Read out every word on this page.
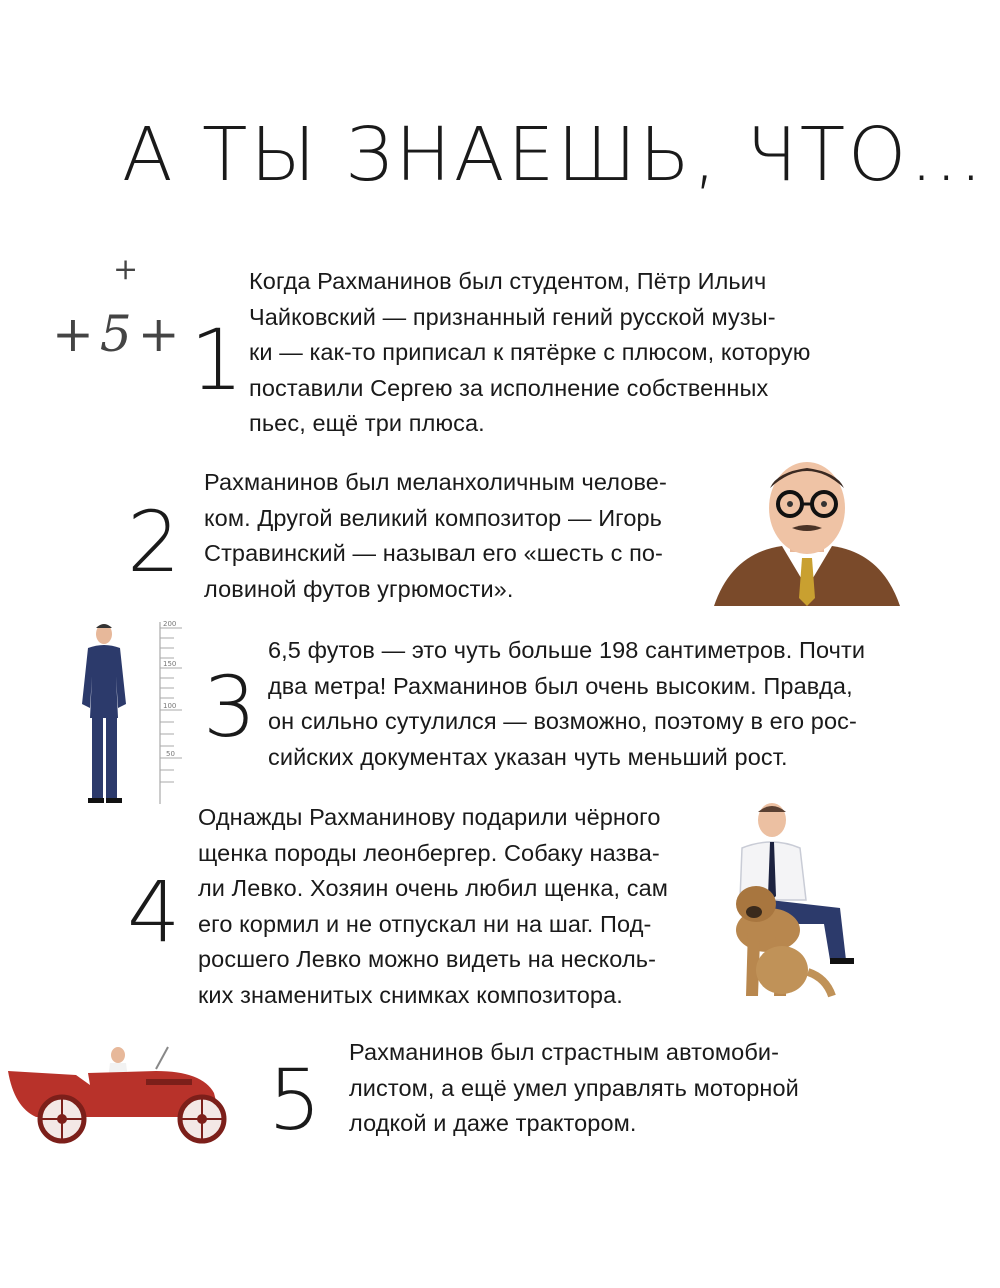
А ТЫ ЗНАЕШЬ, ЧТО…
+
+5+ 1
Когда Рахманинов был студентом, Пётр Ильич
Чайковский — признанный гений русской музы-
ки — как-то приписал к пятёрке с плюсом, которую
поставили Сергею за исполнение собственных
пьес, ещё три плюса.
2
Рахманинов был меланхоличным челове-
ком. Другой великий композитор — Игорь
Стравинский — называл его «шесть с по-
ловиной футов угрюмости».
200
150
100
50 3
6,5 футов — это чуть больше 198 сантиметров. Почти
два метра! Рахманинов был очень высоким. Правда,
он сильно сутулился — возможно, поэтому в его рос-
сийских документах указан чуть меньший рост.
4
Однажды Рахманинову подарили чёрного
щенка породы леонбергер. Собаку назва-
ли Левко. Хозяин очень любил щенка, сам
его кормил и не отпускал ни на шаг. Под-
росшего Левко можно видеть на несколь-
ких знаменитых снимках композитора.
5 Рахманинов был страстным автомоби-
листом, а ещё умел управлять моторной
лодкой и даже трактором.
